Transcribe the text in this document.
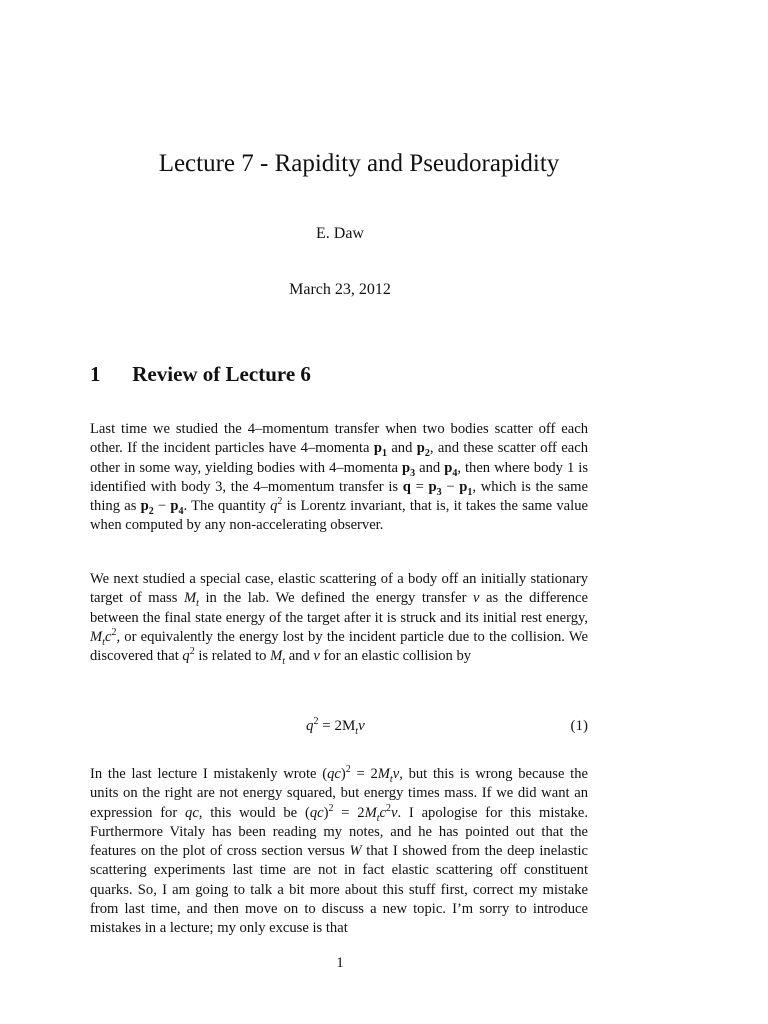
Lecture 7 - Rapidity and Pseudorapidity
E. Daw
March 23, 2012
1 Review of Lecture 6

Last time we studied the 4–momentum transfer when two bodies scatter off each other. If the incident particles have 4–momenta $p_1$ and $p_2$, and these scatter off each other in some way, yielding bodies with 4–momenta $p_3$ and $p_4$, then where body 1 is identified with body 3, the 4–momentum transfer is $q = p_3 - p_1$, which is the same thing as $p_2 - p_4$. The quantity $q^2$ is Lorentz invariant, that is, it takes the same value when computed by any non-accelerating observer.

We next studied a special case, elastic scattering of a body off an initially stationary target of mass $M_t$ in the lab. We defined the energy transfer ν as the difference between the final state energy of the target after it is struck and its initial rest energy, $M_tc^2$, or equivalently the energy lost by the incident particle due to the collision. We discovered that $q^2$ is related to $M_t$ and ν for an elastic collision by

$q^2 = 2M_t\nu$	(1)

In the last lecture I mistakenly wrote $(qc)^2 = 2M_t\nu$, but this is wrong because the units on the right are not energy squared, but energy times mass. If we did want an expression for qc, this would be $(qc)^2 = 2M_tc^2\nu$. I apologise for this mistake. Furthermore Vitaly has been reading my notes, and he has pointed out that the features on the plot of cross section versus W that I showed from the deep inelastic scattering experiments last time are not in fact elastic scattering off constituent quarks. So, I am going to talk a bit more about this stuff first, correct my mistake from last time, and then move on to discuss a new topic. I’m sorry to introduce mistakes in a lecture; my only excuse is that

1
